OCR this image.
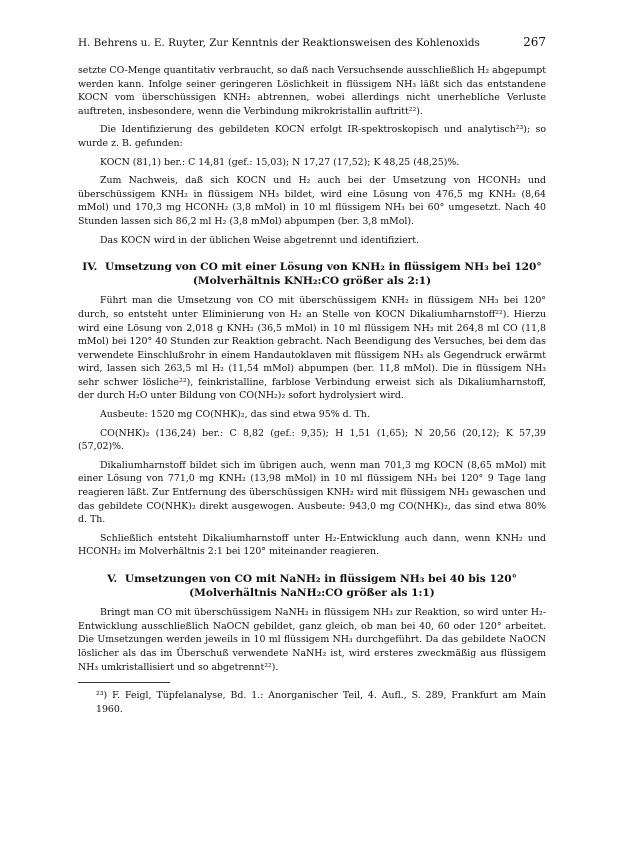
H. Behrens u. E. Ruyter, Zur Kenntnis der Reaktionsweisen des Kohlenoxids	267

setzte CO-Menge quantitativ verbraucht, so daß nach Versuchsende ausschließlich H₂ abgepumpt werden kann. Infolge seiner geringeren Löslichkeit in flüssigem NH₃ läßt sich das entstandene KOCN vom überschüssigen KNH₂ abtrennen, wobei allerdings nicht unerhebliche Verluste auftreten, insbesondere, wenn die Verbindung mikrokristallin auftritt²²).

Die Identifizierung des gebildeten KOCN erfolgt IR-spektroskopisch und analytisch²³); so wurde z. B. gefunden:

KOCN (81,1) ber.: C 14,81 (gef.: 15,03); N 17,27 (17,52); K 48,25 (48,25)%.

Zum Nachweis, daß sich KOCN und H₂ auch bei der Umsetzung von HCONH₂ und überschüssigem KNH₂ in flüssigem NH₃ bildet, wird eine Lösung von 476,5 mg KNH₂ (8,64 mMol) und 170,3 mg HCONH₂ (3,8 mMol) in 10 ml flüssigem NH₃ bei 60° umgesetzt. Nach 40 Stunden lassen sich 86,2 ml H₂ (3,8 mMol) abpumpen (ber. 3,8 mMol).

Das KOCN wird in der üblichen Weise abgetrennt und identifiziert.

IV. Umsetzung von CO mit einer Lösung von KNH₂ in flüssigem NH₃ bei 120° (Molverhältnis KNH₂:CO größer als 2:1)

Führt man die Umsetzung von CO mit überschüssigem KNH₂ in flüssigem NH₃ bei 120° durch, so entsteht unter Eliminierung von H₂ an Stelle von KOCN Dikaliumharnstoff²²). Hierzu wird eine Lösung von 2,018 g KNH₂ (36,5 mMol) in 10 ml flüssigem NH₃ mit 264,8 ml CO (11,8 mMol) bei 120° 40 Stunden zur Reaktion gebracht. Nach Beendigung des Versuches, bei dem das verwendete Einschlußrohr in einem Handautoklaven mit flüssigem NH₃ als Gegendruck erwärmt wird, lassen sich 263,5 ml H₂ (11,54 mMol) abpumpen (ber. 11,8 mMol). Die in flüssigem NH₃ sehr schwer lösliche²²), feinkristalline, farblose Verbindung erweist sich als Dikaliumharnstoff, der durch H₂O unter Bildung von CO(NH₂)₂ sofort hydrolysiert wird.

Ausbeute: 1520 mg CO(NHK)₂, das sind etwa 95% d. Th.

CO(NHK)₂ (136,24) ber.: C 8,82 (gef.: 9,35); H 1,51 (1,65); N 20,56 (20,12); K 57,39 (57,02)%.

Dikaliumharnstoff bildet sich im übrigen auch, wenn man 701,3 mg KOCN (8,65 mMol) mit einer Lösung von 771,0 mg KNH₂ (13,98 mMol) in 10 ml flüssigem NH₃ bei 120° 9 Tage lang reagieren läßt. Zur Entfernung des überschüssigen KNH₂ wird mit flüssigem NH₃ gewaschen und das gebildete CO(NHK)₂ direkt ausgewogen. Ausbeute: 943,0 mg CO(NHK)₂, das sind etwa 80% d. Th.

Schließlich entsteht Dikaliumharnstoff unter H₂-Entwicklung auch dann, wenn KNH₂ und HCONH₂ im Molverhältnis 2:1 bei 120° miteinander reagieren.

V. Umsetzungen von CO mit NaNH₂ in flüssigem NH₃ bei 40 bis 120° (Molverhältnis NaNH₂:CO größer als 1:1)

Bringt man CO mit überschüssigem NaNH₂ in flüssigem NH₃ zur Reaktion, so wird unter H₂-Entwicklung ausschließlich NaOCN gebildet, ganz gleich, ob man bei 40, 60 oder 120° arbeitet. Die Umsetzungen werden jeweils in 10 ml flüssigem NH₃ durchgeführt. Da das gebildete NaOCN löslicher als das im Überschuß verwendete NaNH₂ ist, wird ersteres zweckmäßig aus flüssigem NH₃ umkristallisiert und so abgetrennt²²).

²³) F. Feigl, Tüpfelanalyse, Bd. 1.: Anorganischer Teil, 4. Aufl., S. 289, Frankfurt am Main 1960.
